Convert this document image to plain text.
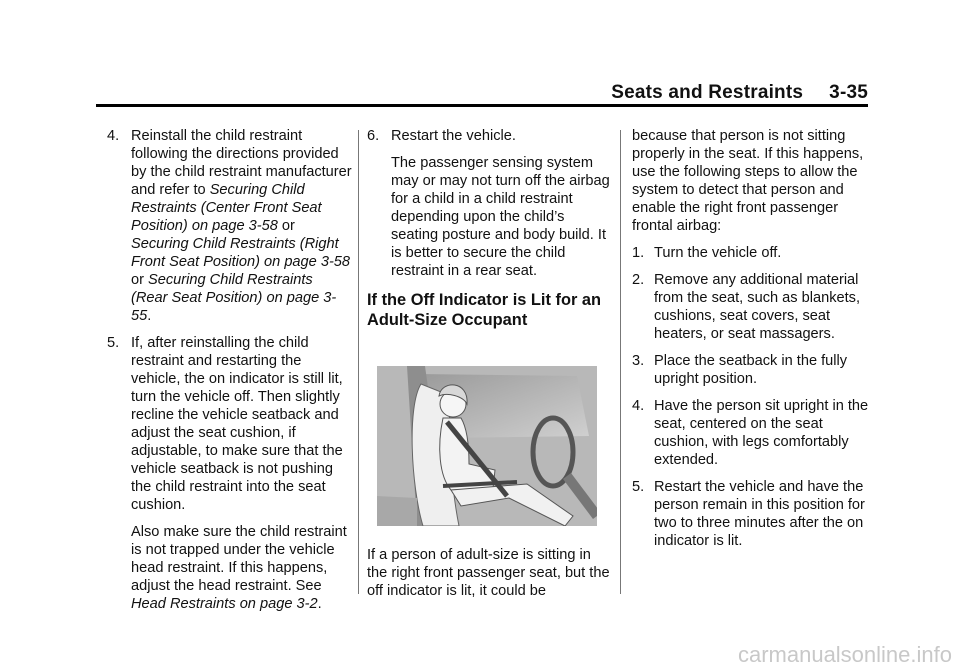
Seats and Restraints 3-35
4. Reinstall the child restraint following the directions provided by the child restraint manufacturer and refer to Securing Child Restraints (Center Front Seat Position) on page 3-58 or Securing Child Restraints (Right Front Seat Position) on page 3-58 or Securing Child Restraints (Rear Seat Position) on page 3-55.

5. If, after reinstalling the child restraint and restarting the vehicle, the on indicator is still lit, turn the vehicle off. Then slightly recline the vehicle seatback and adjust the seat cushion, if adjustable, to make sure that the vehicle seatback is not pushing the child restraint into the seat cushion.

Also make sure the child restraint is not trapped under the vehicle head restraint. If this happens, adjust the head restraint. See Head Restraints on page 3-2.

6. Restart the vehicle.

The passenger sensing system may or may not turn off the airbag for a child in a child restraint depending upon the child’s seating posture and body build. It is better to secure the child restraint in a rear seat.

If the Off Indicator is Lit for an Adult-Size Occupant

If a person of adult-size is sitting in the right front passenger seat, but the off indicator is lit, it could be

because that person is not sitting properly in the seat. If this happens, use the following steps to allow the system to detect that person and enable the right front passenger frontal airbag:

1. Turn the vehicle off.

2. Remove any additional material from the seat, such as blankets, cushions, seat covers, seat heaters, or seat massagers.

3. Place the seatback in the fully upright position.

4. Have the person sit upright in the seat, centered on the seat cushion, with legs comfortably extended.

5. Restart the vehicle and have the person remain in this position for two to three minutes after the on indicator is lit.

carmanualsonline.info
